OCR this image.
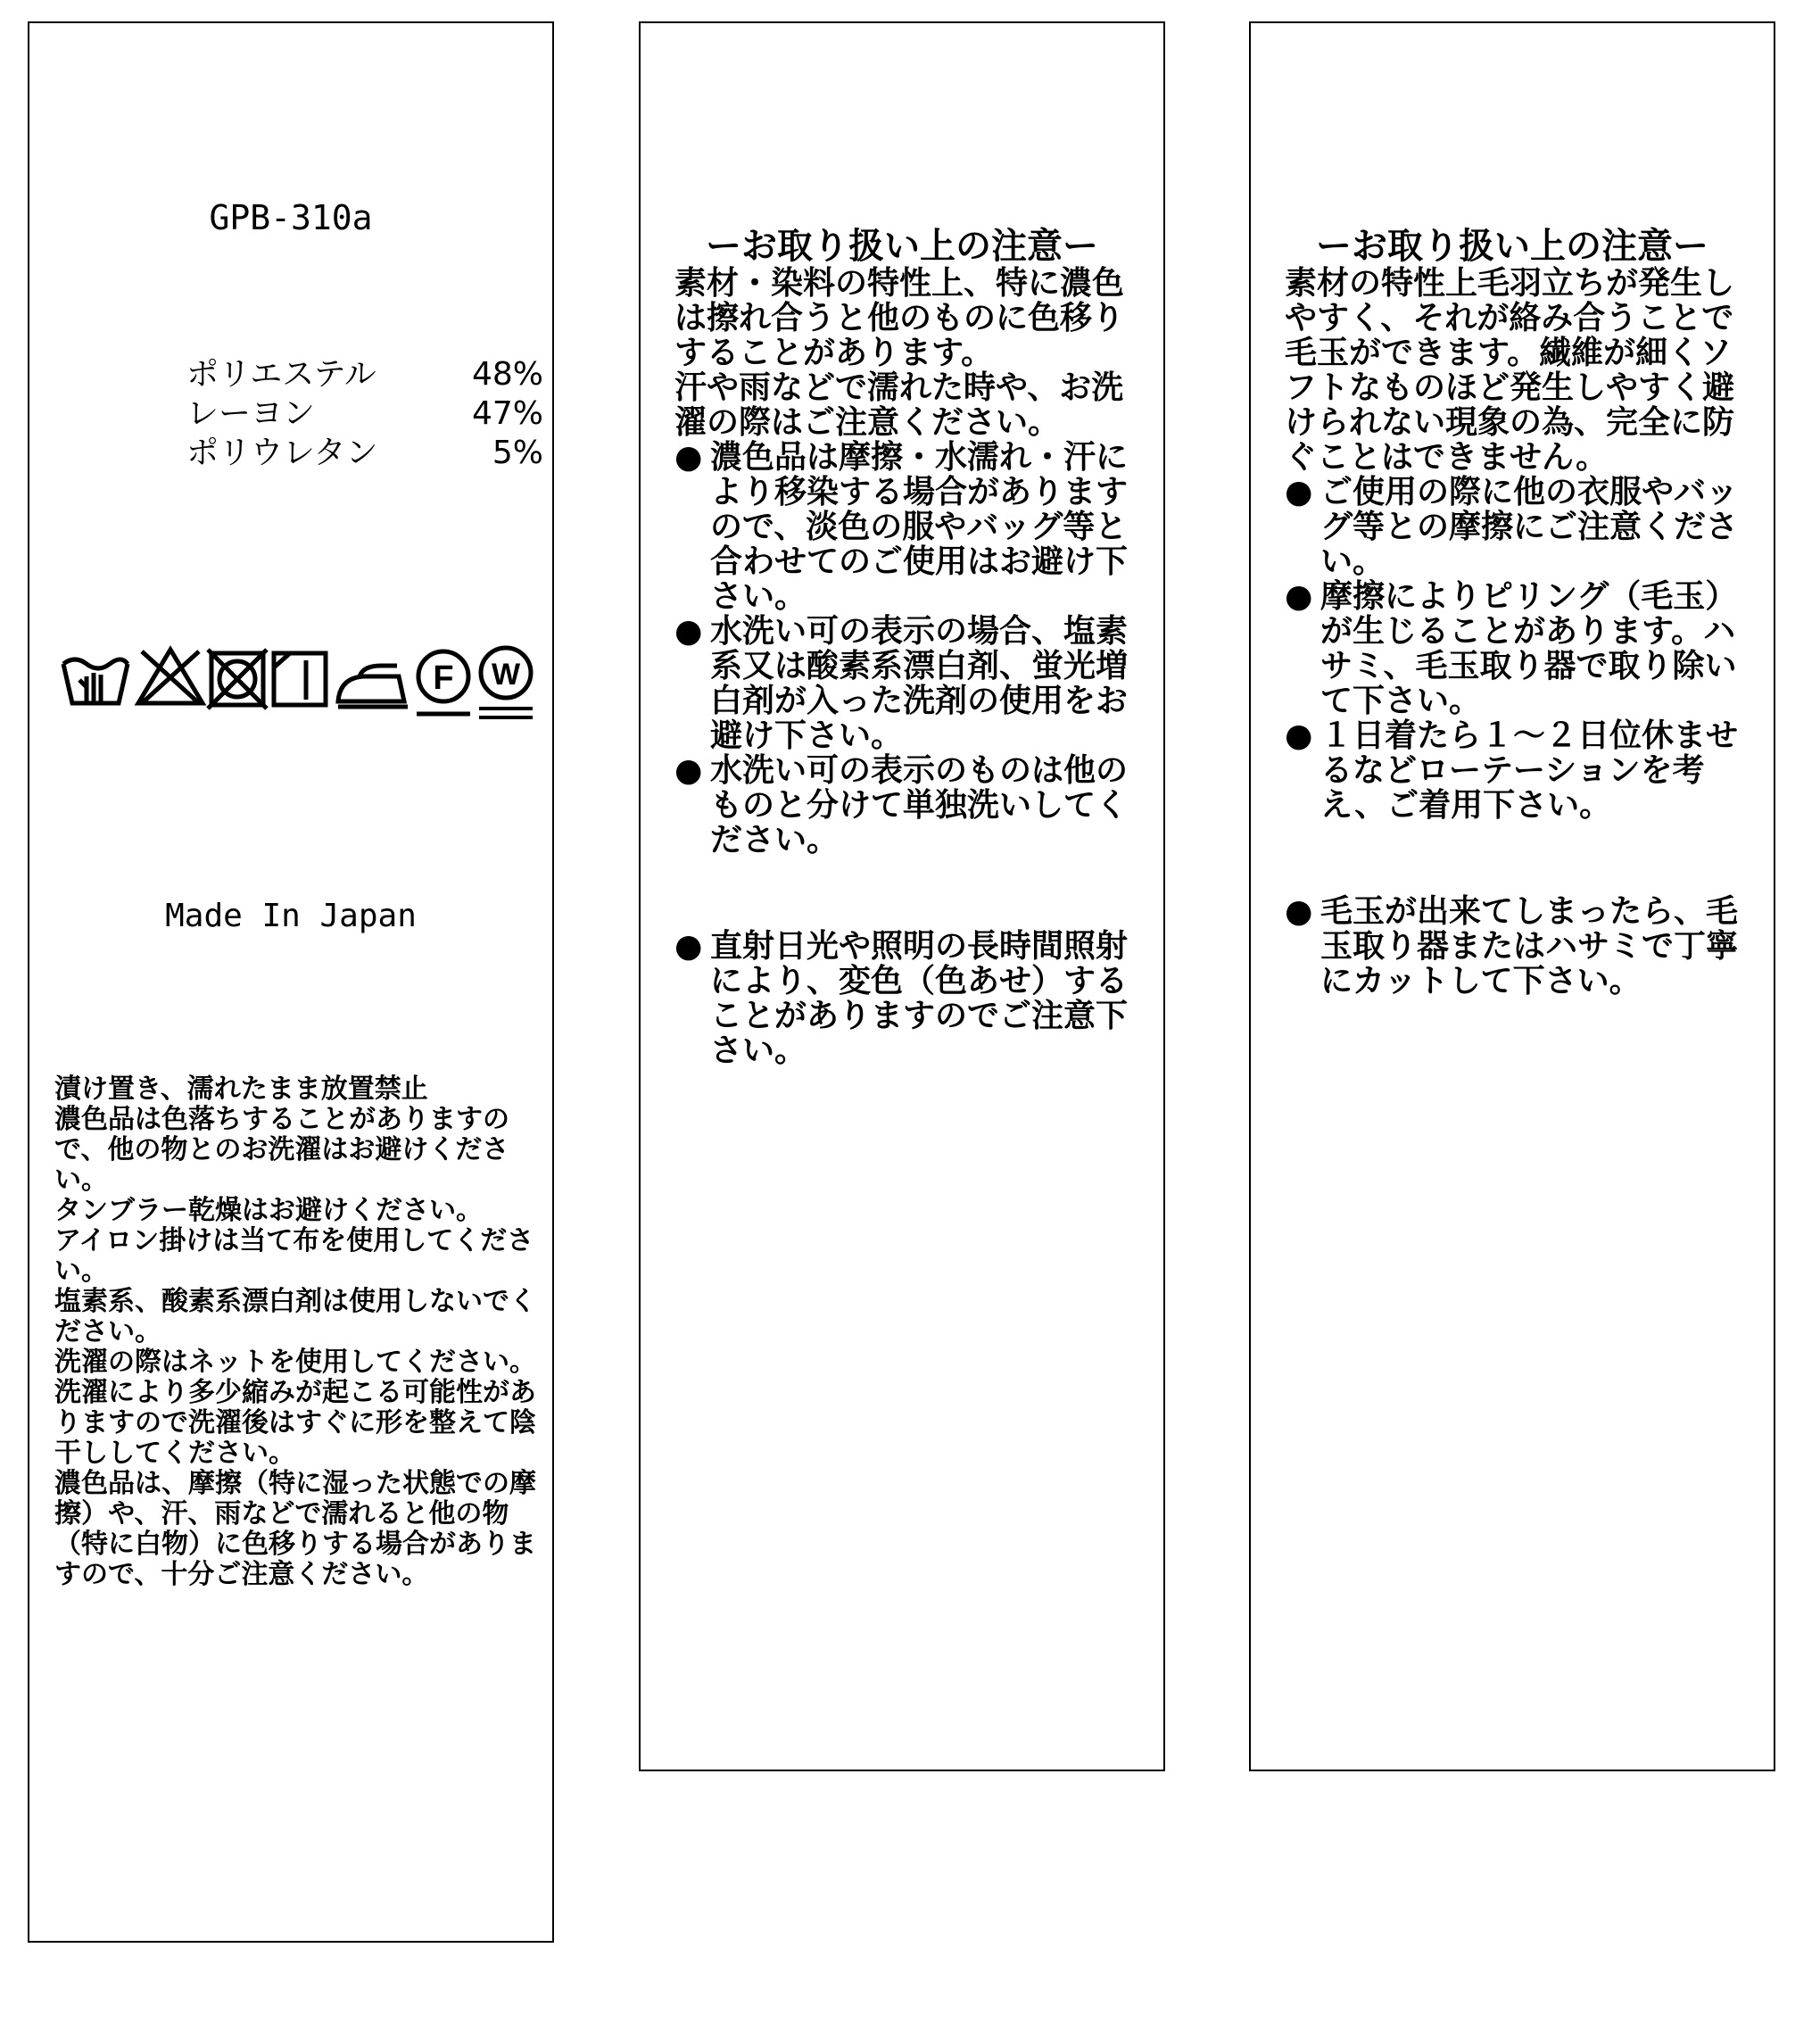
GPB-310a
ポリエステル	48%
レーヨン	47%
ポリウレタン	5%
F W
Made In Japan

漬け置き、濡れたまま放置禁止

濃色品は色落ちすることがありますので、他の物とのお洗濯はお避けください。

タンブラー乾燥はお避けください。

アイロン掛けは当て布を使用してください。

塩素系、酸素系漂白剤は使用しないでください。

洗濯の際はネットを使用してください。

洗濯により多少縮みが起こる可能性がありますので洗濯後はすぐに形を整えて陰干ししてください。

濃色品は、摩擦（特に湿った状態での摩擦）や、汗、雨などで濡れると他の物（特に白物）に色移りする場合がありますので、十分ご注意ください。

ーお取り扱い上の注意ー

素材・染料の特性上、特に濃色は擦れ合うと他のものに色移りすることがあります。

汗や雨などで濡れた時や、お洗濯の際はご注意ください。

● 濃色品は摩擦・水濡れ・汗により移染する場合がありますので、淡色の服やバッグ等と合わせてのご使用はお避け下さい。
● 水洗い可の表示の場合、塩素系又は酸素系漂白剤、蛍光増白剤が入った洗剤の使用をお避け下さい。
● 水洗い可の表示のものは他のものと分けて単独洗いしてください。
● 直射日光や照明の長時間照射により、変色（色あせ）することがありますのでご注意下さい。
ーお取り扱い上の注意ー

素材の特性上毛羽立ちが発生しやすく、それが絡み合うことで毛玉ができます。繊維が細くソフトなものほど発生しやすく避けられない現象の為、完全に防ぐことはできません。

● ご使用の際に他の衣服やバッグ等との摩擦にご注意ください。
● 摩擦によりピリング（毛玉）が生じることがあります。ハサミ、毛玉取り器で取り除いて下さい。
● １日着たら１～２日位休ませるなどローテーションを考え、ご着用下さい。
● 毛玉が出来てしまったら、毛玉取り器またはハサミで丁寧にカットして下さい。
